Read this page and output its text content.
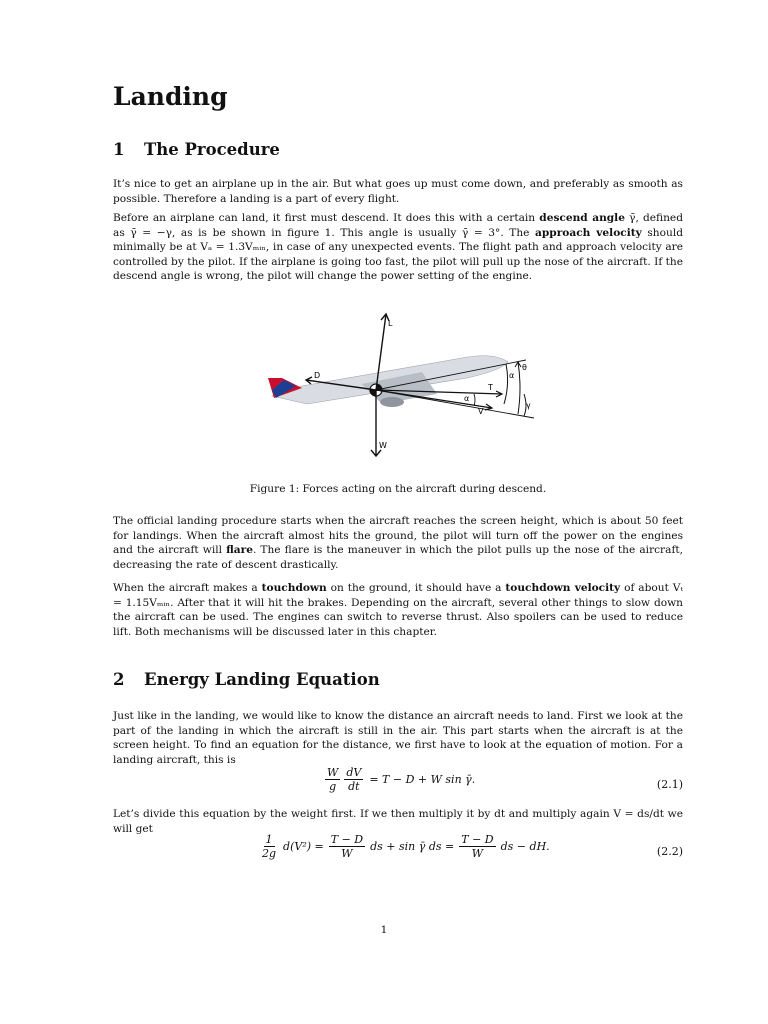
Landing
1 The Procedure

It’s nice to get an airplane up in the air. But what goes up must come down, and preferably as smooth as possible. Therefore a landing is a part of every flight.

Before an airplane can land, it first must descend. It does this with a certain descend angle γ̄, defined as γ̄ = −γ, as is be shown in figure 1. This angle is usually γ̄ = 3°. The approach velocity should minimally be at Vₐ = 1.3Vₘᵢₙ, in case of any unexpected events. The flight path and approach velocity are controlled by the pilot. If the airplane is going too fast, the pilot will pull up the nose of the aircraft. If the descend angle is wrong, the pilot will change the power setting of the engine.

L
D
W
T
V
α
α
θ
γ

Figure 1: Forces acting on the aircraft during descend.

The official landing procedure starts when the aircraft reaches the screen height, which is about 50 feet for landings. When the aircraft almost hits the ground, the pilot will turn off the power on the engines and the aircraft will flare. The flare is the maneuver in which the pilot pulls up the nose of the aircraft, decreasing the rate of descent drastically.

When the aircraft makes a touchdown on the ground, it should have a touchdown velocity of about Vₜ = 1.15Vₘᵢₙ. After that it will hit the brakes. Depending on the aircraft, several other things to slow down the aircraft can be used. The engines can switch to reverse thrust. Also spoilers can be used to reduce lift. Both mechanisms will be discussed later in this chapter.

2 Energy Landing Equation

Just like in the landing, we would like to know the distance an aircraft needs to land. First we look at the part of the landing in which the aircraft is still in the air. This part starts when the aircraft is at the screen height. To find an equation for the distance, we first have to look at the equation of motion. For a landing aircraft, this is

$\frac{W}{g} \frac{dV}{dt} = T - D + W$ sin γ̄.	(2.1)

Let’s divide this equation by the weight first. If we then multiply it by dt and multiply again V = ds/dt we will get

$\frac{1}{2g} d(V^2) = \frac{T - D}{W}$ ds + sin γ̄ ds = $\frac{T - D}{W}$ ds − dH.	(2.2)

1
